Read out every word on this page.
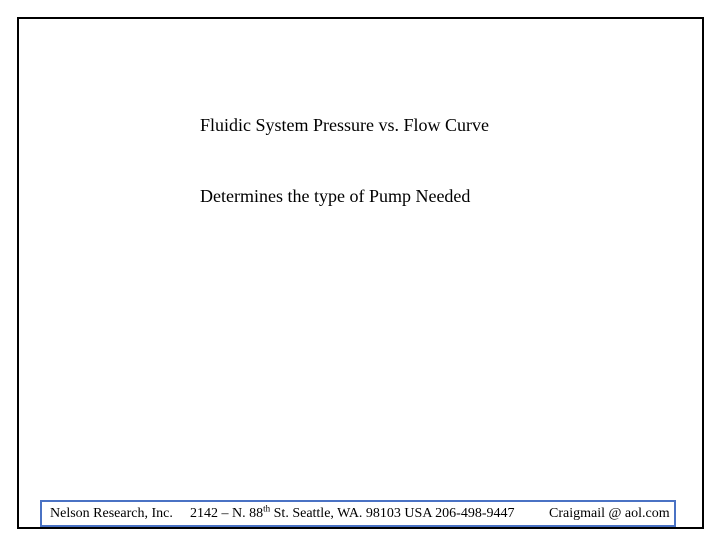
Fluidic System Pressure vs. Flow Curve
Determines the type of Pump Needed
Nelson Research, Inc. 2142 – N. 88th St. Seattle, WA. 98103 USA 206-498-9447 Craigmail @ aol.com
